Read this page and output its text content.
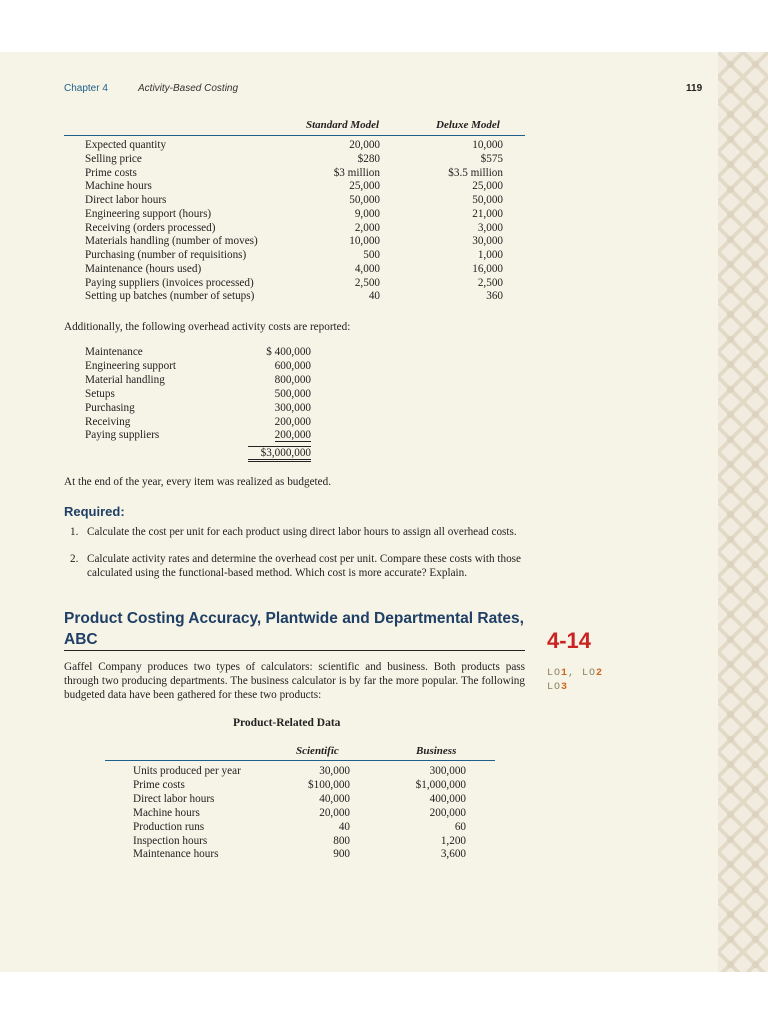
Chapter 4	Activity-Based Costing	119
Standard Model	Deluxe Model
Expected quantity	20,000	10,000
Selling price	$280	$575
Prime costs	$3 million	$3.5 million
Machine hours	25,000	25,000
Direct labor hours	50,000	50,000
Engineering support (hours)	9,000	21,000
Receiving (orders processed)	2,000	3,000
Materials handling (number of moves)	10,000	30,000
Purchasing (number of requisitions)	500	1,000
Maintenance (hours used)	4,000	16,000
Paying suppliers (invoices processed)	2,500	2,500
Setting up batches (number of setups)	40	360
Additionally, the following overhead activity costs are reported:
Maintenance	$ 400,000
Engineering support	600,000
Material handling	800,000
Setups	500,000
Purchasing	300,000
Receiving	200,000
Paying suppliers	200,000
$3,000,000
At the end of the year, every item was realized as budgeted.
Required:
1. Calculate the cost per unit for each product using direct labor hours to assign all overhead costs.
2. Calculate activity rates and determine the overhead cost per unit. Compare these costs with those calculated using the functional-based method. Which cost is more accurate? Explain.
Product Costing Accuracy, Plantwide and Departmental Rates, ABC	4-14
LO1, LO2
LO3
Gaffel Company produces two types of calculators: scientific and business. Both products pass through two producing departments. The business calculator is by far the more popular. The following budgeted data have been gathered for these two products:
Product-Related Data
Scientific	Business
Units produced per year	30,000	300,000
Prime costs	$100,000	$1,000,000
Direct labor hours	40,000	400,000
Machine hours	20,000	200,000
Production runs	40	60
Inspection hours	800	1,200
Maintenance hours	900	3,600
